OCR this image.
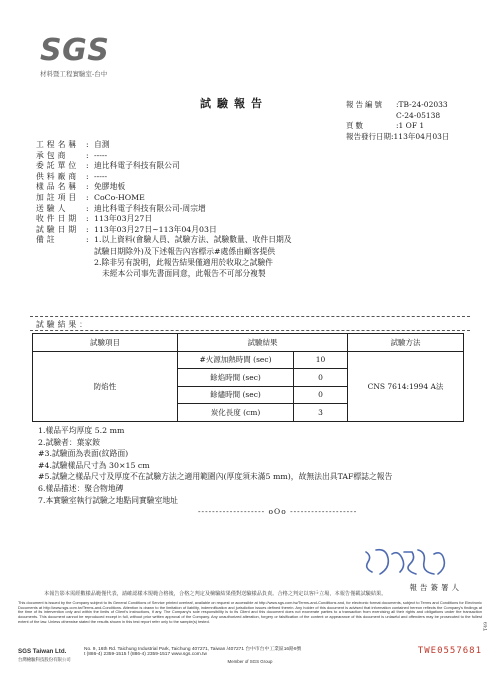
SGS
材料暨工程實驗室-台中
試驗報告	報告編號	:TB-24-02033
C-24-05138
頁數	:1 OF 1
報告發行日期 :113年04月03日
工程名稱 : 自測
承包商	: -----
委託單位 : 迪比科電子科技有限公司
供料廠商 : -----
樣品名稱 : 免膠地板
加註項目 : CoCo-HOME
送驗人	: 迪比科電子科技有限公司-周宗增
收件日期 : 113年03月27日
試驗日期 : 113年03月27日~113年04月03日
備註	: 1.以上資料(會驗人員、試驗方法、試驗數量、收件日期及
試驗日期除外)及下述報告內容標示#處係由顧客提供
2.除非另有說明，此報告結果僅適用於收取之試驗件
未經本公司事先書面同意，此報告不可部分複製
試驗結果：
試驗項目	試驗結果		試驗方法
防焰性	#火源加熱時間 (sec)	10	CNS 7614:1994 A法
	餘焰時間 (sec)	0	
	餘燼時間 (sec)	0	
	炭化長度 (cm)	3	
1.樣品平均厚度 5.2 mm
2.試驗者：葉家銨
#3.試驗面為表面(紋路面)
#4.試驗樣品尺寸為 30×15 cm
#5.試驗之樣品尺寸及厚度不在試驗方法之適用範圍內(厚度須未滿5 mm)，故無法出具TAF標誌之報告
6.樣品描述：聚合物地磚
7.本實驗室執行試驗之地點同實驗室地址
------------------- oOo -------------------
報告簽署人
本報告影本需經數樣品範僅代表，請確認樣本規範合格後，合格之判定及檢驗結果僅對送驗樣品負責。合格之判定以客戶立場，本報告僅載試驗結果。
This document is issued by the Company subject to its General Conditions of Service printed overleaf, available on request or accessible at http://www.sgs.com.tw/Terms-and-Conditions and, for electronic format documents, subject to Terms and Conditions for Electronic Documents at http://www.sgs.com.tw/Terms-and-Conditions. Attention is drawn to the limitation of liability, indemnification and jurisdiction issues defined therein. Any holder of this document is advised that information contained hereon reflects the Company's findings at the time of its intervention only and within the limits of Client's instructions, if any. The Company's sole responsibility is to its Client and this document does not exonerate parties to a transaction from exercising all their rights and obligations under the transaction documents. This document cannot be reproduced except in full, without prior written approval of the Company. Any unauthorized alteration, forgery or falsification of the content or appearance of this document is unlawful and offenders may be prosecuted to the fullest extent of the law. Unless otherwise stated the results shown in this test report refer only to the sample(s) tested.
SGS Taiwan Ltd.	No. 9, 16th Rd. Taichung Industrial Park, Taichung 407271, Taiwan /407271 台中市台中工業區16路9號
t (886-4) 2359-1515 f (886-4) 2359-1517 www.sgs.com.tw	TWE0557681
台灣檢驗科技股份有限公司	Member of SGS Group
T49
